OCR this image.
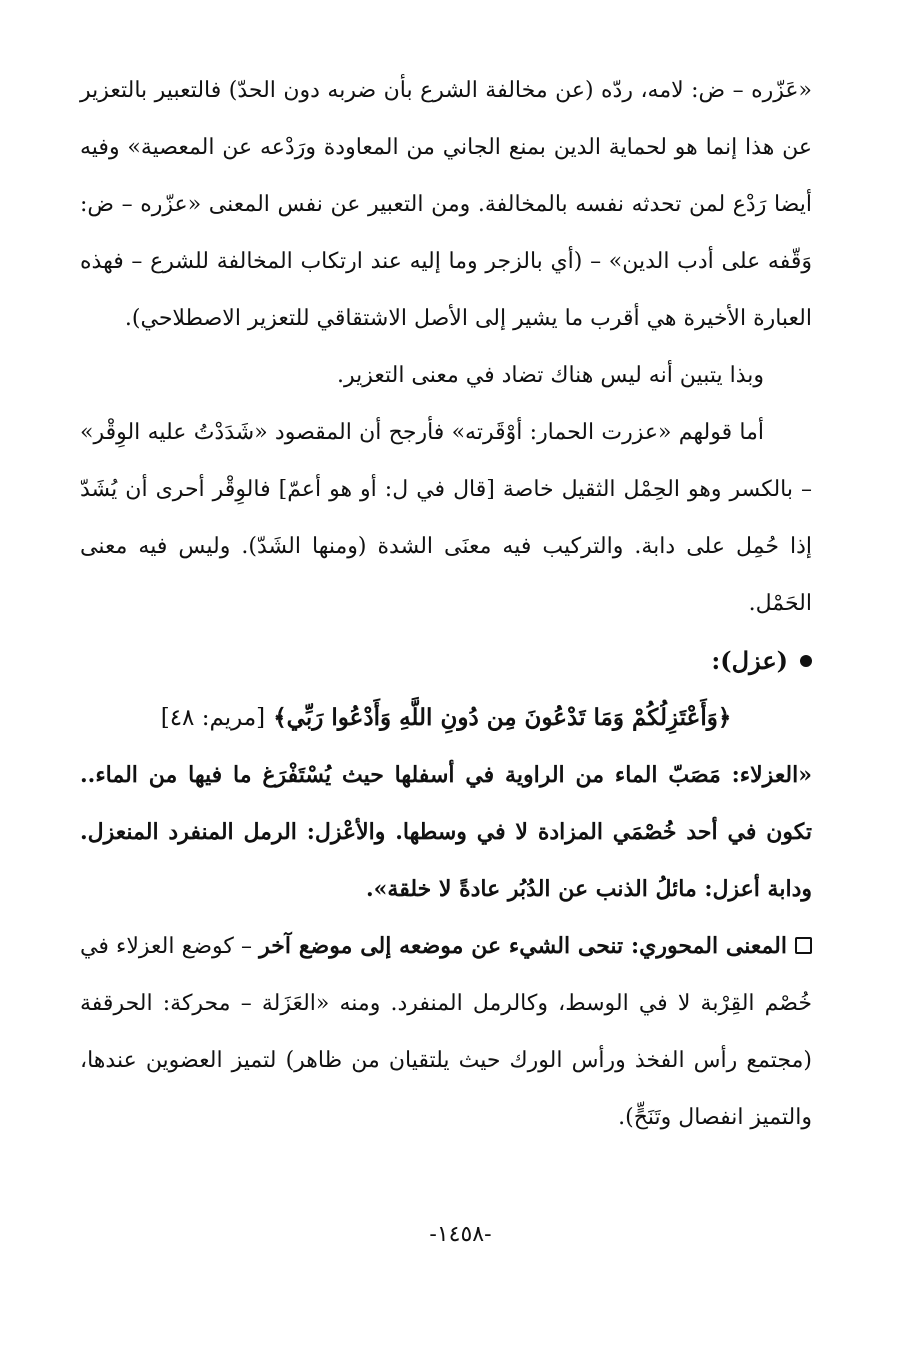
«عَزّره – ض: لامه، ردّه (عن مخالفة الشرع بأن ضربه دون الحدّ) فالتعبير بالتعزير عن هذا إنما هو لحماية الدين بمنع الجاني من المعاودة ورَدْعه عن المعصية» وفيه أيضا رَدْع لمن تحدثه نفسه بالمخالفة. ومن التعبير عن نفس المعنى «عزّره – ض: وَقّفه على أدب الدين» – (أي بالزجر وما إليه عند ارتكاب المخالفة للشرع – فهذه العبارة الأخيرة هي أقرب ما يشير إلى الأصل الاشتقاقي للتعزير الاصطلاحي).

وبذا يتبين أنه ليس هناك تضاد في معنى التعزير.

أما قولهم «عزرت الحمار: أوْقَرته» فأرجح أن المقصود «شَدَدْتُ عليه الوِقْر» – بالكسر وهو الحِمْل الثقيل خاصة [قال في ل: أو هو أعمّ] فالوِقْر أحرى أن يُشَدّ إذا حُمِل على دابة. والتركيب فيه معنَى الشدة (ومنها الشَدّ). وليس فيه معنى الحَمْل.

(عزل):
﴿وَأَعْتَزِلُكُمْ وَمَا تَدْعُونَ مِن دُونِ اللَّهِ وَأَدْعُوا رَبِّي﴾ [مريم: ٤٨]

«العزلاء: مَصَبّ الماء من الراوية في أسفلها حيث يُسْتَفْرَغ ما فيها من الماء.. تكون في أحد خُصْمَي المزادة لا في وسطها. والأعْزل: الرمل المنفرد المنعزل. ودابة أعزل: مائلُ الذنب عن الدُبُر عادةً لا خلقة».

المعنى المحوري: تنحى الشيء عن موضعه إلى موضع آخر – كوضع العزلاء في خُصْم القِرْبة لا في الوسط، وكالرمل المنفرد. ومنه «العَزَلة – محركة: الحرقفة (مجتمع رأس الفخذ ورأس الورك حيث يلتقيان من ظاهر) لتميز العضوين عندها، والتميز انفصال وتَنَحٍّ).

-١٤٥٨-
